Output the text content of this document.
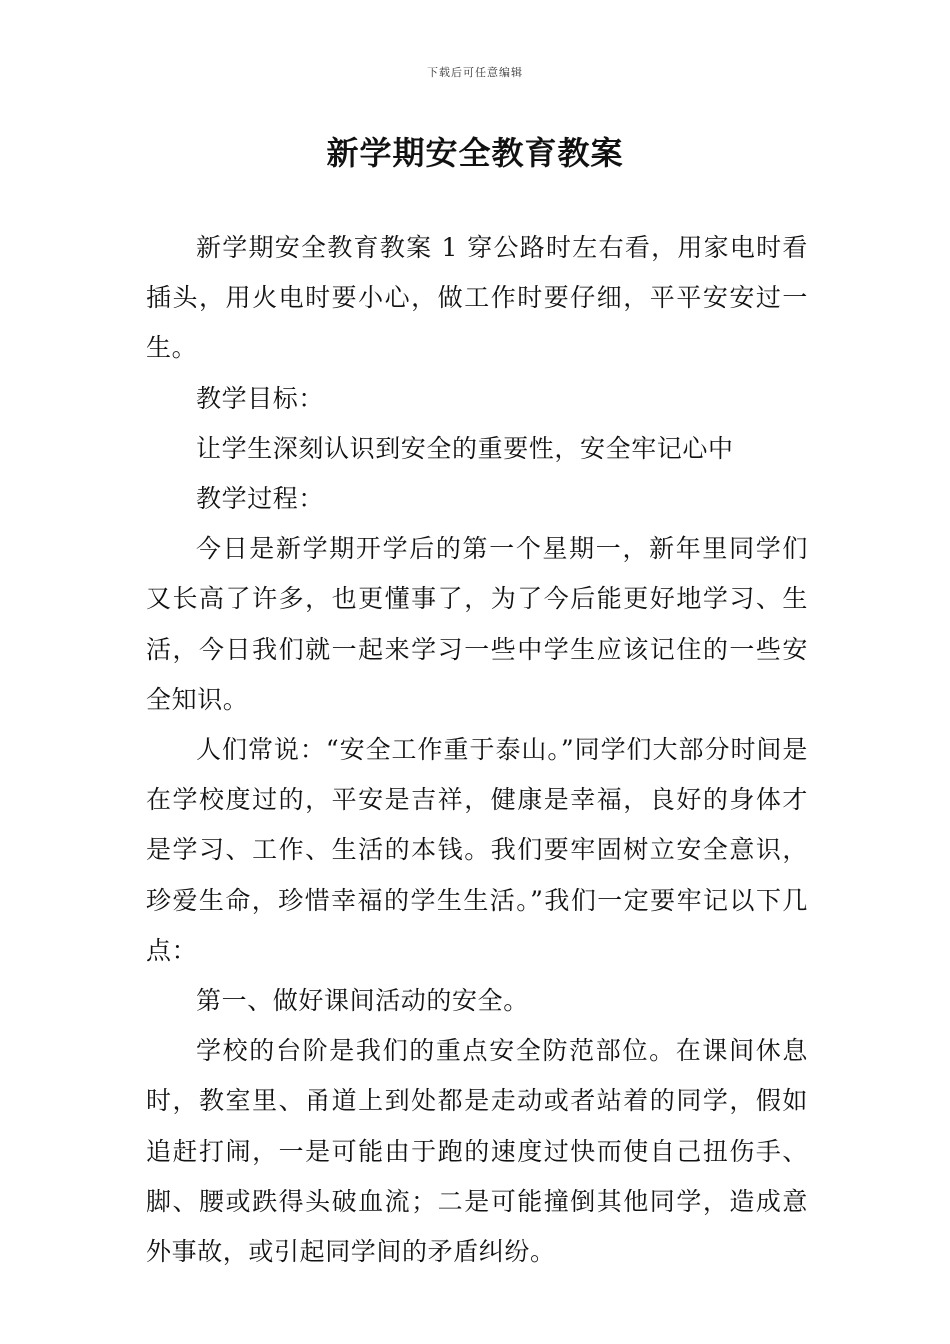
下载后可任意编辑
新学期安全教育教案

新学期安全教育教案 1 穿公路时左右看，用家电时看插头，用火电时要小心，做工作时要仔细，平平安安过一生。

教学目标：

让学生深刻认识到安全的重要性，安全牢记心中

教学过程：

今日是新学期开学后的第一个星期一，新年里同学们又长高了许多，也更懂事了，为了今后能更好地学习、生活，今日我们就一起来学习一些中学生应该记住的一些安全知识。

人们常说：“安全工作重于泰山。”同学们大部分时间是在学校度过的，平安是吉祥，健康是幸福，良好的身体才是学习、工作、生活的本钱。我们要牢固树立安全意识，珍爱生命，珍惜幸福的学生生活。”我们一定要牢记以下几点：

第一、做好课间活动的安全。

学校的台阶是我们的重点安全防范部位。在课间休息时，教室里、甬道上到处都是走动或者站着的同学，假如追赶打闹，一是可能由于跑的速度过快而使自己扭伤手、脚、腰或跌得头破血流；二是可能撞倒其他同学，造成意外事故，或引起同学间的矛盾纠纷。
